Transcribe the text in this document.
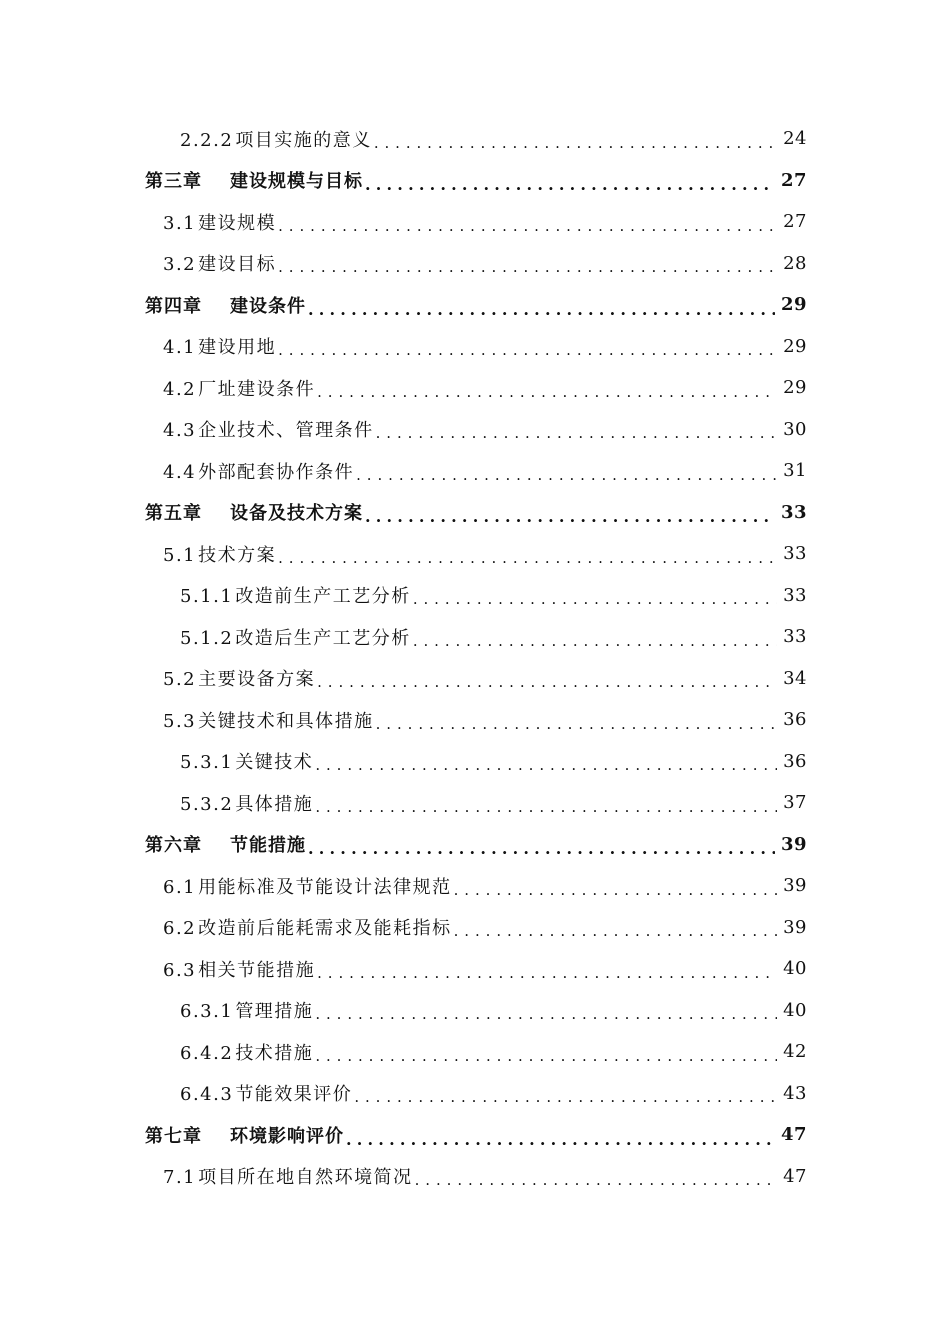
2.2.2 项目实施的意义 .....	24
第三章 建设规模与目标 .....	27
3.1 建设规模 .....	27
3.2 建设目标 .....	28
第四章 建设条件 .....	29
4.1 建设用地 .....	29
4.2 厂址建设条件 .....	29
4.3 企业技术、管理条件 .....	30
4.4 外部配套协作条件 .....	31
第五章 设备及技术方案 .....	33
5.1 技术方案 .....	33
5.1.1 改造前生产工艺分析 .....	33
5.1.2 改造后生产工艺分析 .....	33
5.2 主要设备方案 .....	34
5.3 关键技术和具体措施 .....	36
5.3.1 关键技术 .....	36
5.3.2 具体措施 .....	37
第六章 节能措施 .....	39
6.1 用能标准及节能设计法律规范 .....	39
6.2 改造前后能耗需求及能耗指标 .....	39
6.3 相关节能措施 .....	40
6.3.1 管理措施 .....	40
6.4.2 技术措施 .....	42
6.4.3 节能效果评价 .....	43
第七章 环境影响评价 .....	47
7.1 项目所在地自然环境简况 .....	47
